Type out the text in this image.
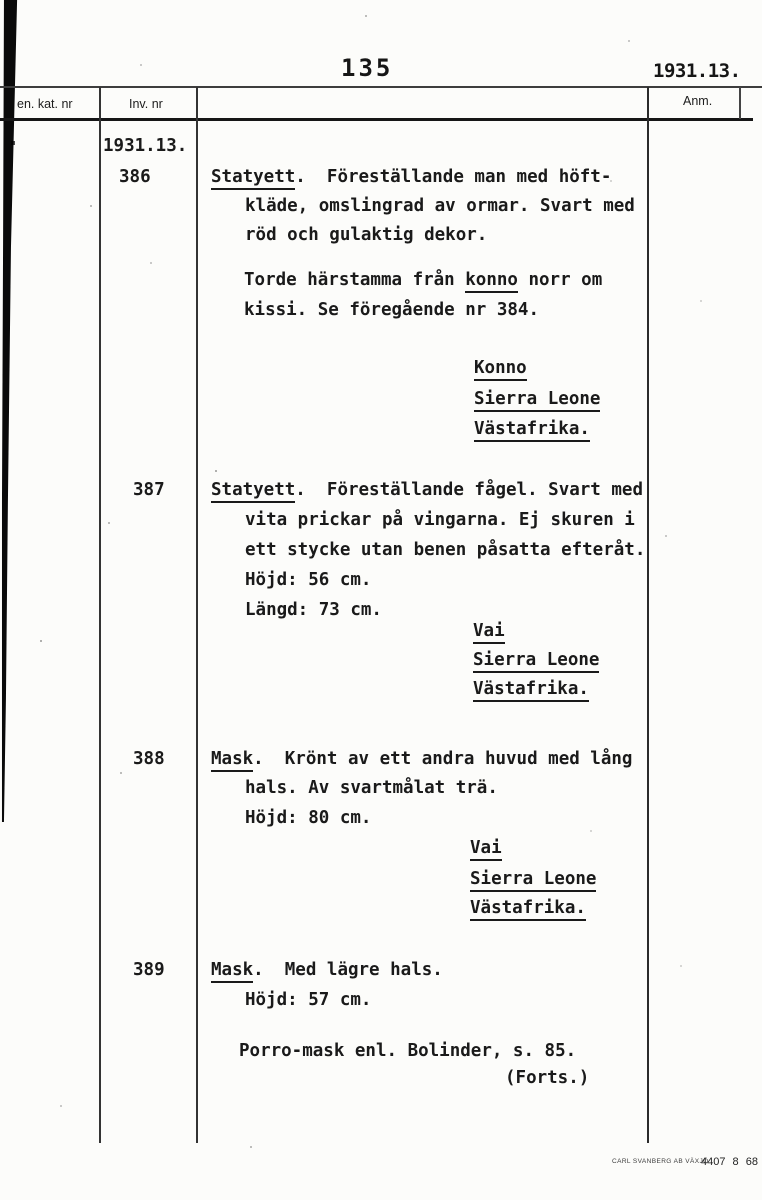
135	1931.13.
en. kat. nr	Inv. nr	Anm.
1931.13.
386	Statyett.  Föreställande man med höft-
kläde, omslingrad av ormar. Svart med
röd och gulaktig dekor.
Torde härstamma från konno norr om
kissi. Se föregående nr 384.
Konno
Sierra Leone
Västafrika.
387	Statyett.  Föreställande fågel. Svart med
vita prickar på vingarna. Ej skuren i
ett stycke utan benen påsatta efteråt.
Höjd: 56 cm.
Längd: 73 cm.
Vai
Sierra Leone
Västafrika.
388	Mask.  Krönt av ett andra huvud med lång
hals. Av svartmålat trä.
Höjd: 80 cm.
Vai
Sierra Leone
Västafrika.
389	Mask.  Med lägre hals.
Höjd: 57 cm.
Porro-mask enl. Bolinder, s. 85.
(Forts.)
CARL SVANBERG AB VÄXJÖ
4407 8 68
